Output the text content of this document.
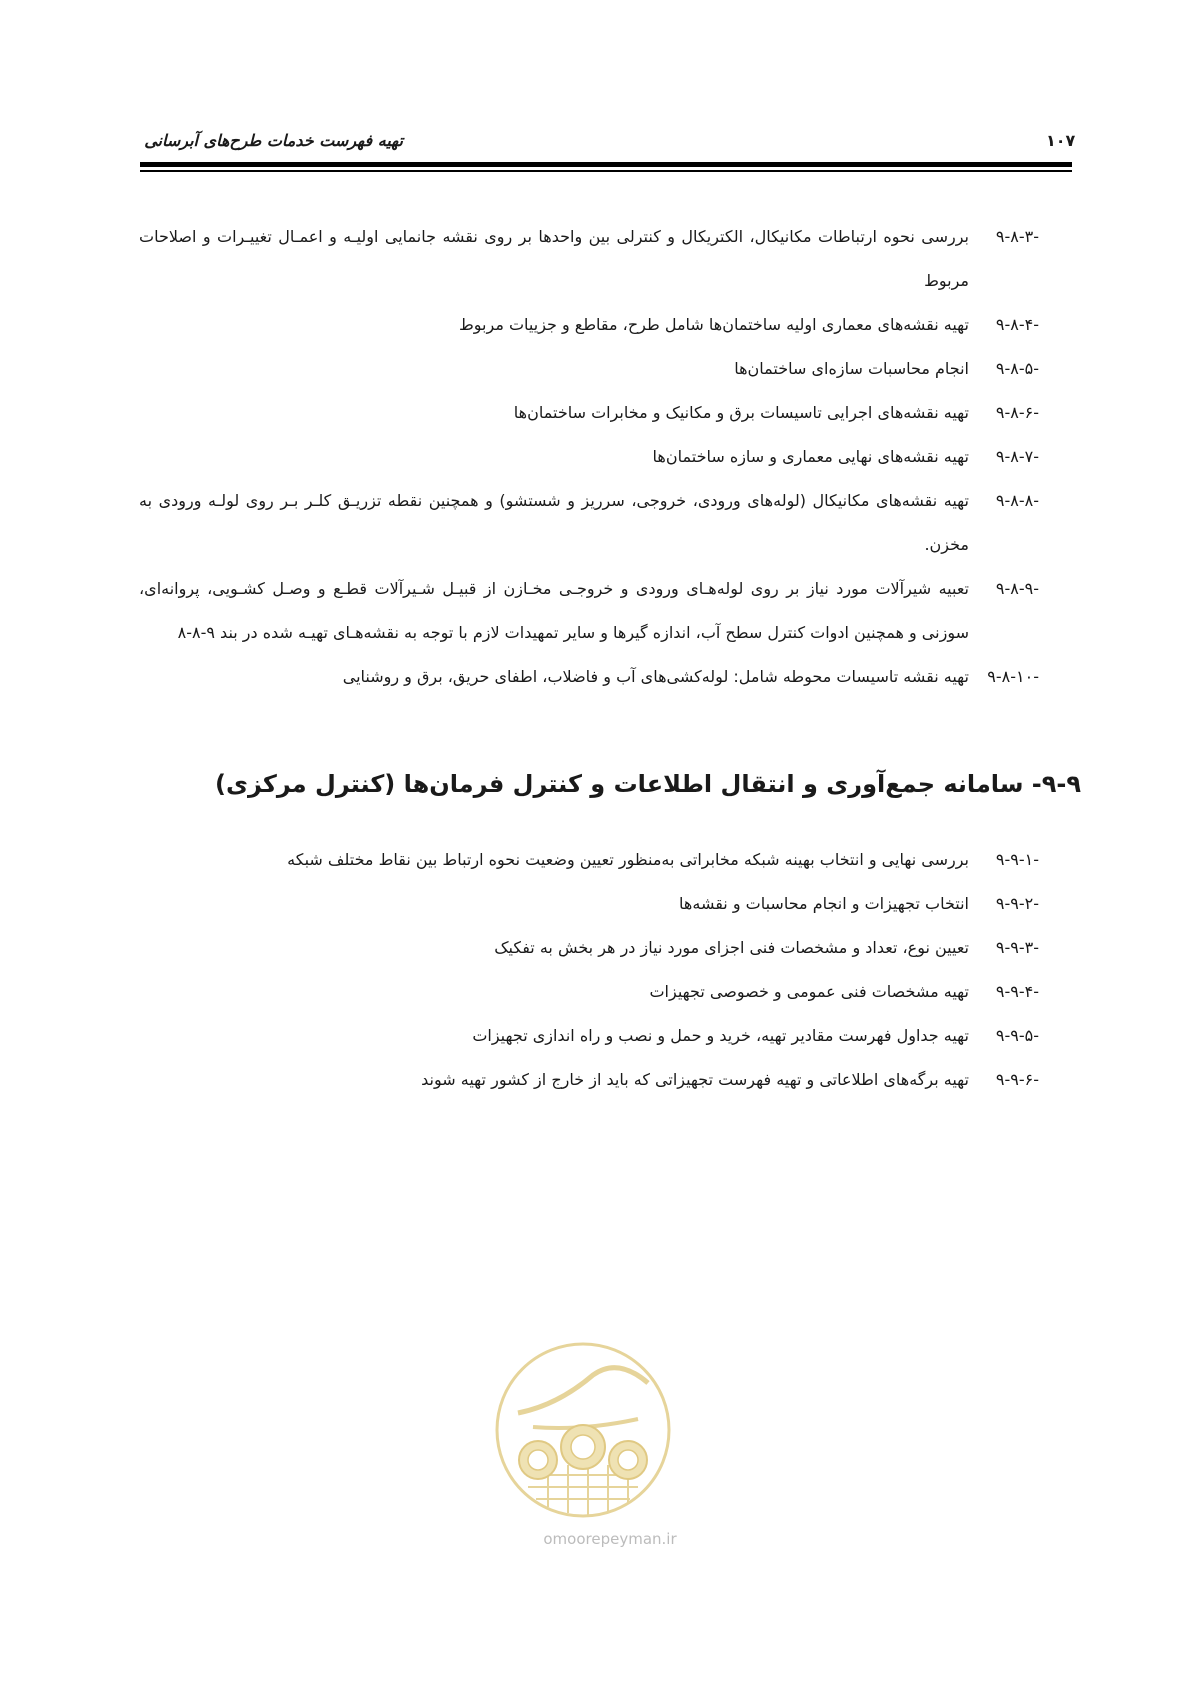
تهیه فهرست خدمات طرح‌های آبرسانی	۱۰۷
۹-۸-۳-
بررسی نحوه ارتباطات مکانیکال، الکتریکال و کنترلی بین واحدها بر روی نقشه جانمایی اولیـه و اعمـال تغییـرات و اصلاحات مربوط
۹-۸-۴-
تهیه نقشه‌های معماری اولیه ساختمان‌ها شامل طرح، مقاطع و جزییات مربوط
۹-۸-۵-
انجام محاسبات سازه‌ای ساختمان‌ها
۹-۸-۶-
تهیه نقشه‌های اجرایی تاسیسات برق و مکانیک و مخابرات ساختمان‌ها
۹-۸-۷-
تهیه نقشه‌های نهایی معماری و سازه ساختمان‌ها
۹-۸-۸-
تهیه نقشه‌های مکانیکال (لوله‌های ورودی، خروجی، سرریز و شستشو) و همچنین نقطه تزریـق کلـر بـر روی لولـه ورودی به مخزن.
۹-۸-۹-
تعبیه شیرآلات مورد نیاز بر روی لوله‌هـای ورودی و خروجـی مخـازن از قبیـل شـیرآلات قطـع و وصـل کشـویی، پروانه‌ای، سوزنی و همچنین ادوات کنترل سطح آب، اندازه گیرها و سایر تمهیدات لازم با توجه به نقشه‌هـای تهیـه شده در بند ۹-۸-۸
۹-۸-۱۰-
تهیه نقشه تاسیسات محوطه شامل: لوله‌کشی‌های آب و فاضلاب، اطفای حریق، برق و روشنایی
۹-۹- سامانه جمع‌آوری و انتقال اطلاعات و کنترل فرمان‌ها (کنترل مرکزی)
۹-۹-۱-
بررسی نهایی و انتخاب بهینه شبکه مخابراتی به‌منظور تعیین وضعیت نحوه ارتباط بین نقاط مختلف شبکه
۹-۹-۲-
انتخاب تجهیزات و انجام محاسبات و نقشه‌ها
۹-۹-۳-
تعیین نوع، تعداد و مشخصات فنی اجزای مورد نیاز در هر بخش به تفکیک
۹-۹-۴-
تهیه مشخصات فنی عمومی و خصوصی تجهیزات
۹-۹-۵-
تهیه جداول فهرست مقادیر تهیه، خرید و حمل و نصب و راه اندازی تجهیزات
۹-۹-۶-
تهیه برگه‌های اطلاعاتی و تهیه فهرست تجهیزاتی که باید از خارج از کشور تهیه شوند
omoorepeyman.ir
